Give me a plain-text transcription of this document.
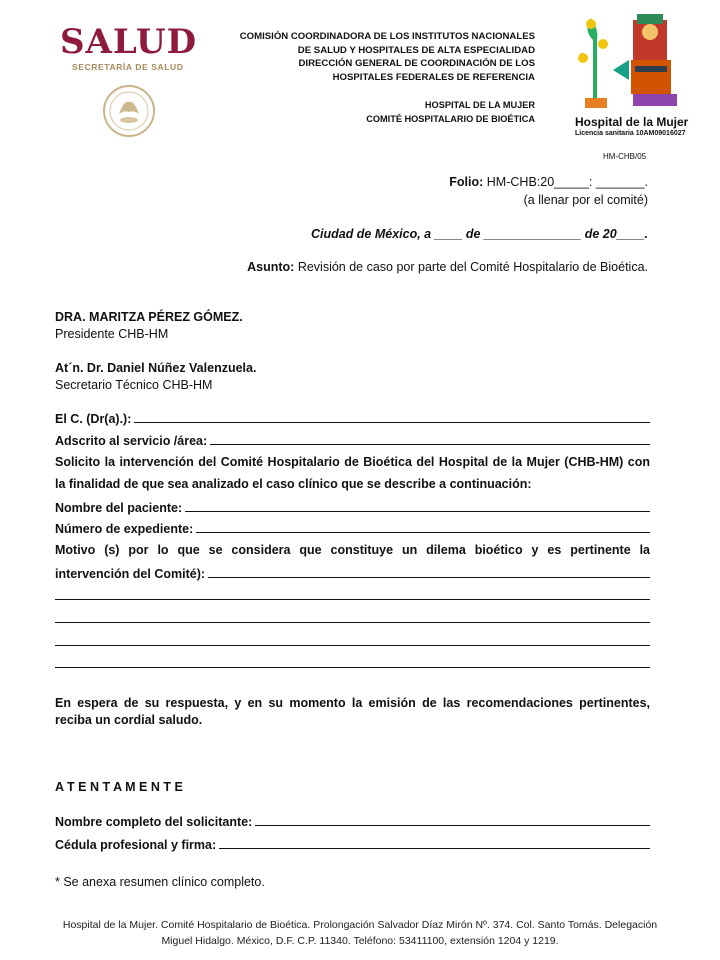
SALUD
SECRETARÍA DE SALUD
COMISIÓN COORDINADORA DE LOS INSTITUTOS NACIONALES
DE SALUD Y HOSPITALES DE ALTA ESPECIALIDAD
DIRECCIÓN GENERAL DE COORDINACIÓN DE LOS
HOSPITALES FEDERALES DE REFERENCIA
HOSPITAL DE LA MUJER
COMITÉ HOSPITALARIO DE BIOÉTICA	Hospital de la Mujer
Licencia sanitaria 10AM09016027
HM-CHB/05
Folio: HM-CHB:20_____: _______.
(a llenar por el comité)
Ciudad de México, a ____ de ______________ de 20____.
Asunto: Revisión de caso por parte del Comité Hospitalario de Bioética.
DRA. MARITZA PÉREZ GÓMEZ.
Presidente CHB-HM
At´n. Dr. Daniel Núñez Valenzuela.
Secretario Técnico CHB-HM
El C. (Dr(a).):
Adscrito al servicio /área:
Solicito la intervención del Comité Hospitalario de Bioética del Hospital de la Mujer (CHB-HM) con
la finalidad de que sea analizado el caso clínico que se describe a continuación:
Nombre del paciente:
Número de expediente:
Motivo (s) por lo que se considera que constituye un dilema bioético y es pertinente la
intervención del Comité):
En espera de su respuesta, y en su momento la emisión de las recomendaciones pertinentes,
reciba un cordial saludo.
A T E N T A M E N T E
Nombre completo del solicitante:
Cédula profesional y firma:
* Se anexa resumen clínico completo.
Hospital de la Mujer. Comité Hospitalario de Bioética. Prolongación Salvador Díaz Mirón Nº. 374. Col. Santo Tomás. Delegación
Miguel Hidalgo. México, D.F. C.P. 11340. Teléfono: 53411100, extensión 1204 y 1219.
